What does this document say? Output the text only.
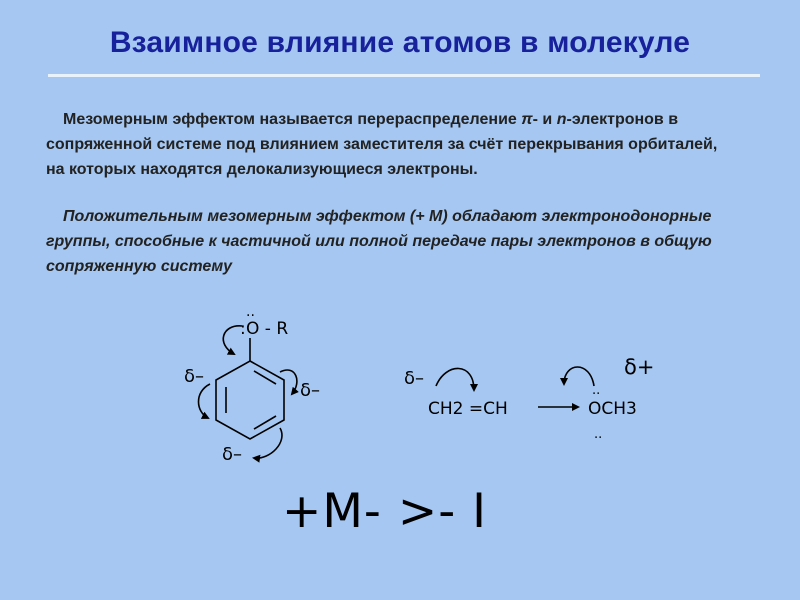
Взаимное влияние атомов в молекуле
Мезомерным эффектом называется перераспределение π- и n-электронов в сопряженной системе под влиянием заместителя за счёт перекрывания орбиталей, на которых находятся делокализующиеся электроны.
Положительным мезомерным эффектом (+ М) обладают электронодонорные группы, способные к частичной или полной передаче пары электронов в общую сопряженную систему
:
..
O - R
δ–
δ–
δ–
δ–	δ+
CH2 =CH	OCH3
..
..
+M- >- I
